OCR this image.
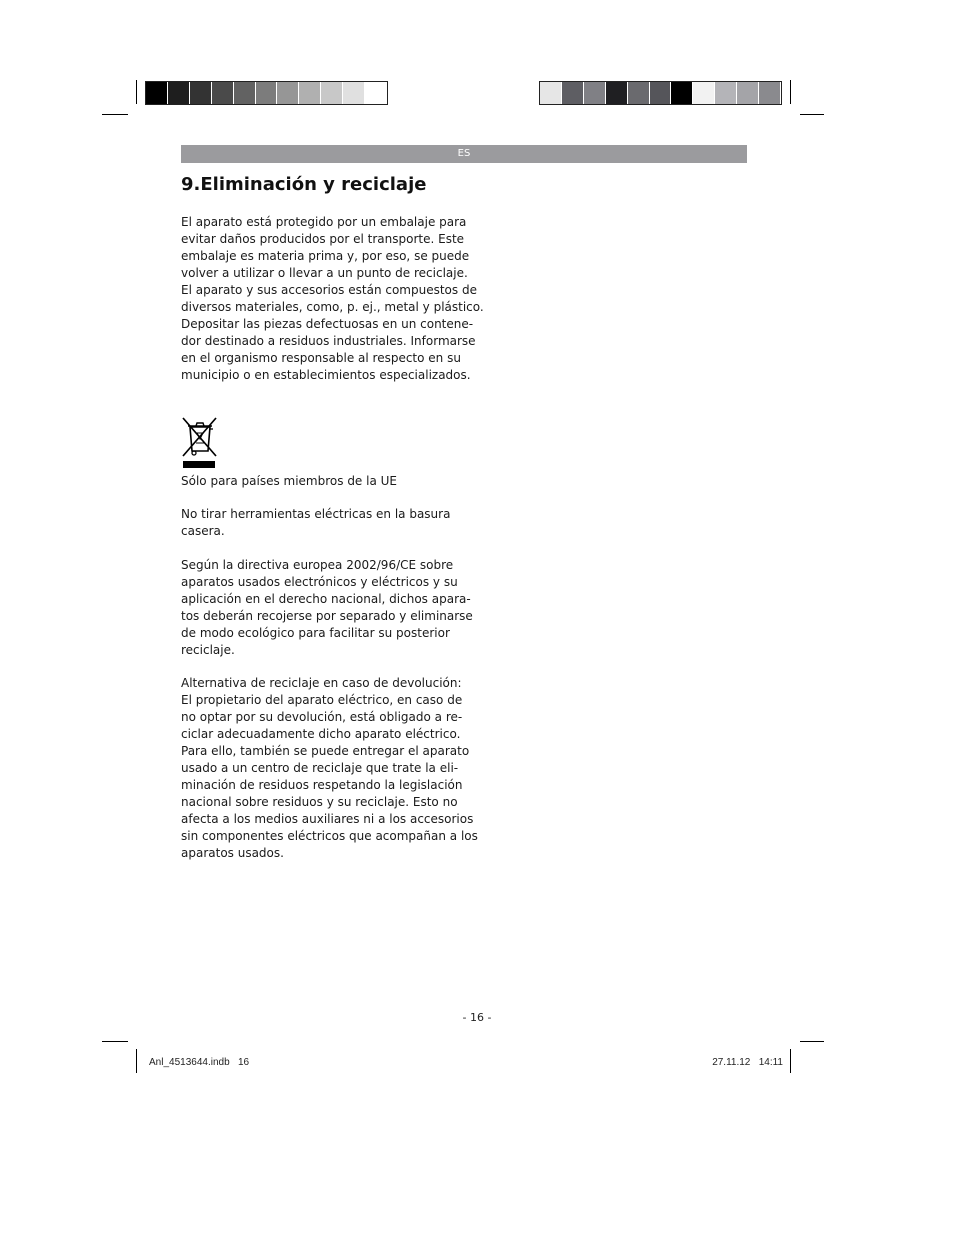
ES
9.Eliminación y reciclaje
El aparato está protegido por un embalaje para
evitar daños producidos por el transporte. Este
embalaje es materia prima y, por eso, se puede
volver a utilizar o llevar a un punto de reciclaje.
El aparato y sus accesorios están compuestos de
diversos materiales, como, p. ej., metal y plástico.
Depositar las piezas defectuosas en un contene-
dor destinado a residuos industriales. Informarse
en el organismo responsable al respecto en su
municipio o en establecimientos especializados.
Sólo para países miembros de la UE
No tirar herramientas eléctricas en la basura
casera.
Según la directiva europea 2002/96/CE sobre
aparatos usados electrónicos y eléctricos y su
aplicación en el derecho nacional, dichos apara-
tos deberán recojerse por separado y eliminarse
de modo ecológico para facilitar su posterior
reciclaje.
Alternativa de reciclaje en caso de devolución:
El propietario del aparato eléctrico, en caso de
no optar por su devolución, está obligado a re-
ciclar adecuadamente dicho aparato eléctrico.
Para ello, también se puede entregar el aparato
usado a un centro de reciclaje que trate la eli-
minación de residuos respetando la legislación
nacional sobre residuos y su reciclaje. Esto no
afecta a los medios auxiliares ni a los accesorios
sin componentes eléctricos que acompañan a los
aparatos usados.
- 16 -
Anl_4513644.indb   16	27.11.12   14:11
